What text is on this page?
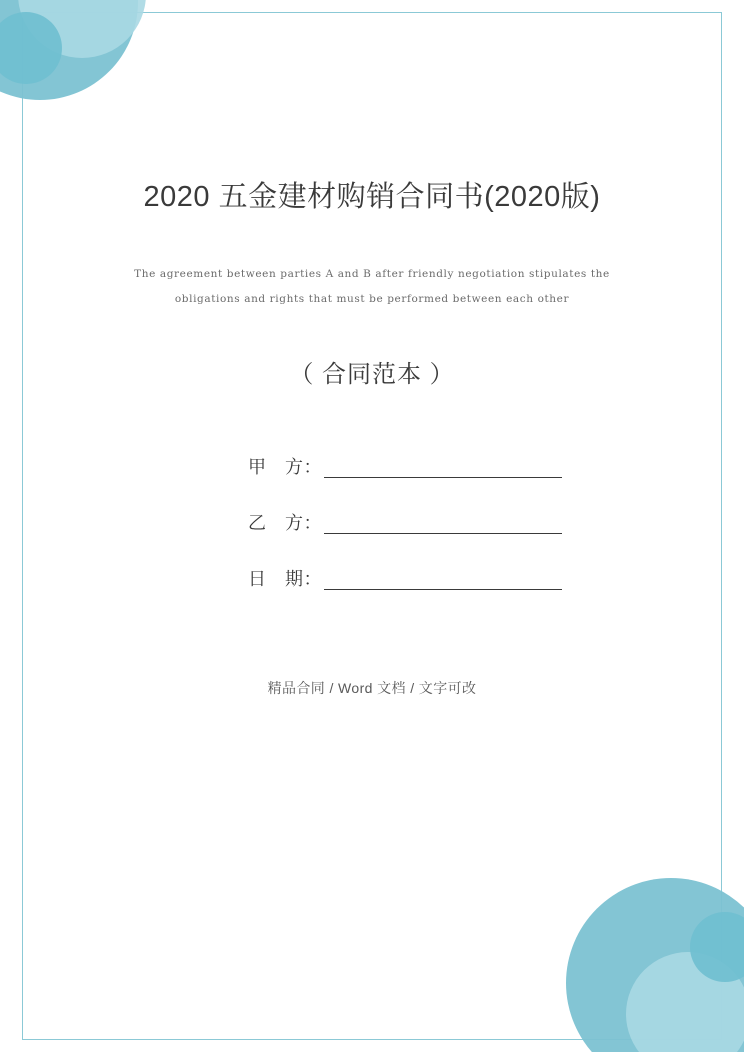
2020 五金建材购销合同书(2020版)

The agreement between parties A and B after friendly negotiation stipulates the

obligations and rights that must be performed between each other

（ 合同范本 ）

甲　方：
乙　方：
日　期：

精品合同 / Word 文档 / 文字可改
